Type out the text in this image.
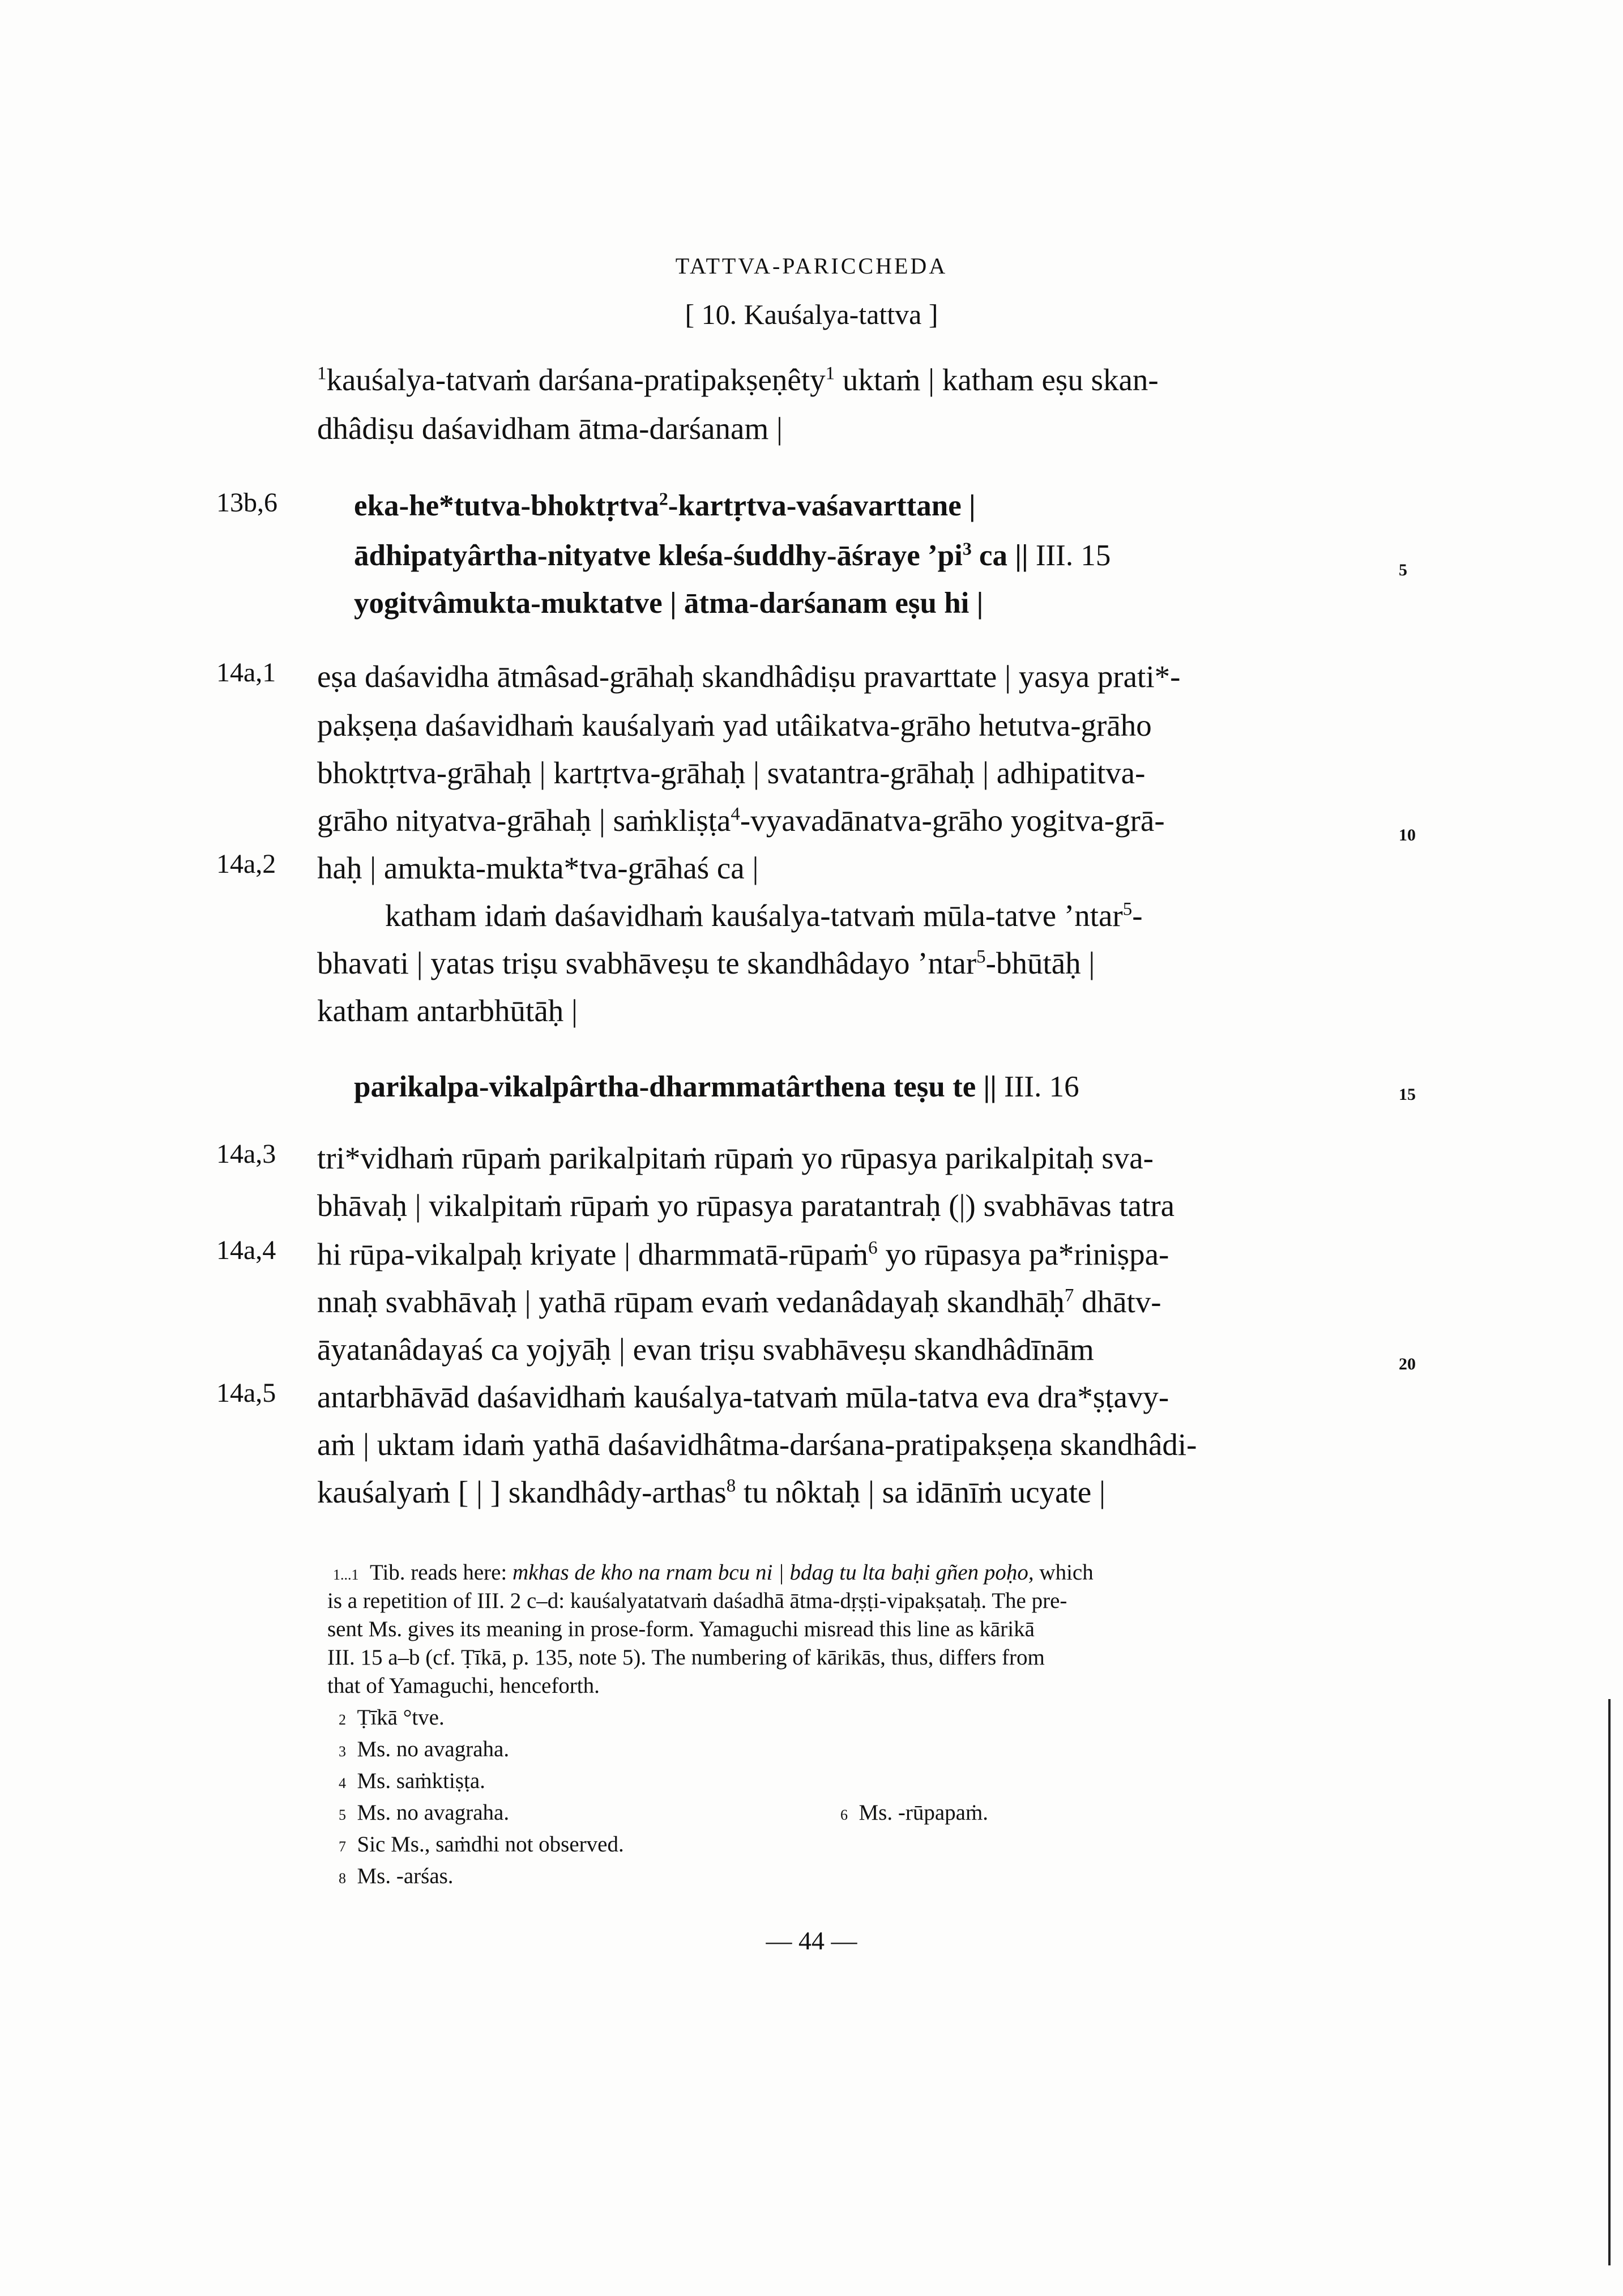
TATTVA-PARICCHEDA
[ 10. Kauśalya-tattva ]
$^1$kauśalya-tatvaṁ darśana-pratipakṣeṇêty$^1$ uktaṁ | katham eṣu skan-
dhâdiṣu daśavidham ātma-darśanam |
13b,6	eka-he*tutva-bhoktṛtva$^2$-kartṛtva-vaśavarttane |
ādhipatyârtha-nityatve kleśa-śuddhy-āśraye $’pi^3$ ca || III. 15	5
yogitvâmukta-muktatve | ātma-darśanam eṣu hi |
14a,1 eṣa daśavidha ātmâsad-grāhaḥ skandhâdiṣu pravarttate | yasya prati*-
pakṣeṇa daśavidhaṁ kauśalyaṁ yad utâikatva-grāho hetutva-grāho
bhoktṛtva-grāhaḥ | kartṛtva-grāhaḥ | svatantra-grāhaḥ | adhipatitva-
grāho nityatva-grāhaḥ | saṁkliṣṭa$^4$-vyavadānatva-grāho yogitva-grā-	10
14a,2 haḥ | amukta-mukta*tva-grāhaś ca |
katham idaṁ daśavidhaṁ kauśalya-tatvaṁ mūla-tatve ’ntar$^5$-
bhavati | yatas triṣu svabhāveṣu te skandhâdayo ’ntar$^5$-bhūtāḥ |
katham antarbhūtāḥ |
parikalpa-vikalpârtha-dharmmatârthena teṣu te || III. 16	15
14a,3 tri*vidhaṁ rūpaṁ parikalpitaṁ rūpaṁ yo rūpasya parikalpitaḥ sva-
bhāvaḥ | vikalpitaṁ rūpaṁ yo rūpasya paratantraḥ (|) svabhāvas tatra
14a,4 hi rūpa-vikalpaḥ kriyate | dharmmatā-rūpaṁ$^6$ yo rūpasya pa*riniṣpa-
nnaḥ svabhāvaḥ | yathā rūpam evaṁ vedanâdayaḥ skandhāḥ$^7$ dhātv-
āyatanâdayaś ca yojyāḥ | evan triṣu svabhāveṣu skandhâdīnām	20
14a,5 antarbhāvād daśavidhaṁ kauśalya-tatvaṁ mūla-tatva eva dra*ṣṭavy-
aṁ | uktam idaṁ yathā daśavidhâtma-darśana-pratipakṣeṇa skandhâdi-
kauśalyaṁ [ | ] skandhâdy-arthas$^8$ tu nôktaḥ | sa idānīṁ ucyate |
1...1 Tib. reads here: mkhas de kho na rnam bcu ni | bdag tu lta baḥi gñen poḥo, which
is a repetition of III. 2 c–d: kauśalyatatvaṁ daśadhā ātma-dṛṣṭi-vipakṣataḥ. The pre-
sent Ms. gives its meaning in prose-form. Yamaguchi misread this line as kārikā
III. 15 a–b (cf. Ṭīkā, p. 135, note 5). The numbering of kārikās, thus, differs from
that of Yamaguchi, henceforth.
2 Ṭīkā °tve.
3 Ms. no avagraha.
4 Ms. saṁktiṣṭa.
5 Ms. no avagraha.	6 Ms. -rūpapaṁ.
7 Sic Ms., saṁdhi not observed.
8 Ms. -arśas.
— 44 —
